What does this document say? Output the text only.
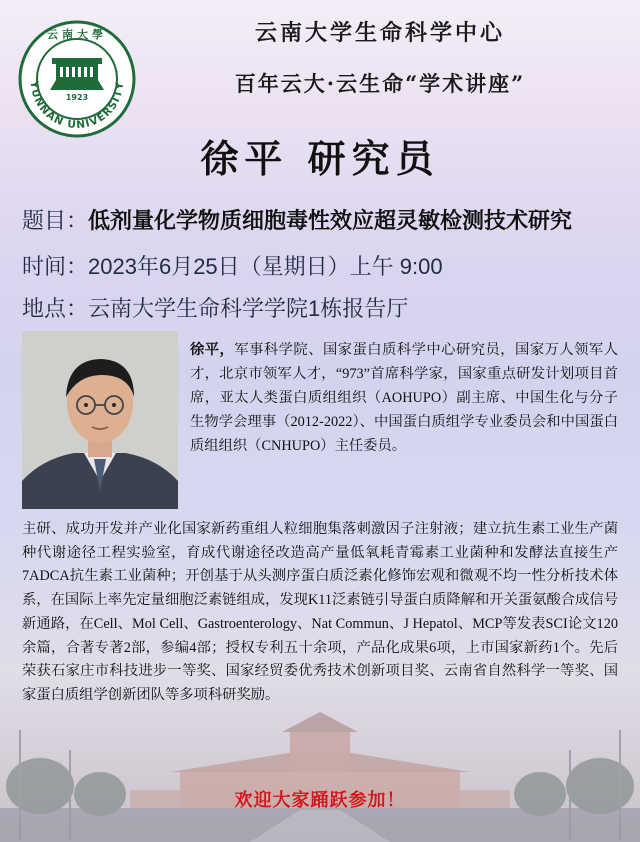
YUNNAN UNIVERSITY
云南大學
1923
云南大学生命科学中心
百年云大·云生命“学术讲座”
徐平 研究员
题目：低剂量化学物质细胞毒性效应超灵敏检测技术研究
时间：2023年6月25日（星期日）上午 9:00
地点：云南大学生命科学学院1栋报告厅
徐平，军事科学院、国家蛋白质科学中心研究员，国家万人领军人才，北京市领军人才，“973”首席科学家，国家重点研发计划项目首席，亚太人类蛋白质组组织（AOHUPO）副主席、中国生化与分子生物学会理事（2012-2022）、中国蛋白质组学专业委员会和中国蛋白质组组织（CNHUPO）主任委员。
主研、成功开发并产业化国家新药重组人粒细胞集落刺激因子注射液；建立抗生素工业生产菌种代谢途径工程实验室，育成代谢途径改造高产量低氧耗青霉素工业菌种和发酵法直接生产7ADCA抗生素工业菌种；开创基于从头测序蛋白质泛素化修饰宏观和微观不均一性分析技术体系，在国际上率先定量细胞泛素链组成，发现K11泛素链引导蛋白质降解和开关蛋氨酸合成信号新通路，在Cell、Mol Cell、Gastroenterology、Nat Commun、J Hepatol、MCP等发表SCI论文120余篇，合著专著2部，参编4部；授权专利五十余项，产品化成果6项，上市国家新药1个。先后荣获石家庄市科技进步一等奖、国家经贸委优秀技术创新项目奖、云南省自然科学一等奖、国家蛋白质组学创新团队等多项科研奖励。
欢迎大家踊跃参加！
